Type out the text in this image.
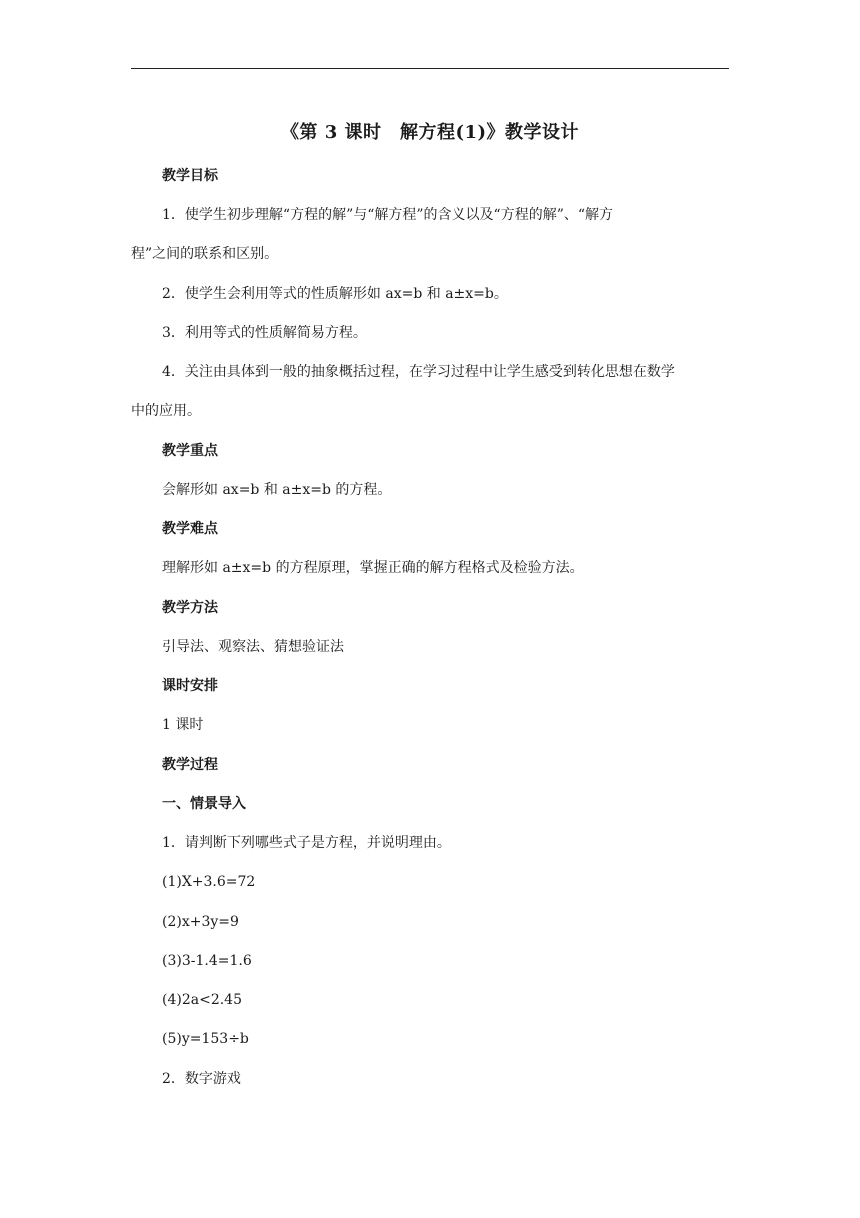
《第 3 课时　解方程(1)》教学设计
教学目标
1．使学生初步理解“方程的解”与“解方程”的含义以及“方程的解”、“解方
程”之间的联系和区别。
2．使学生会利用等式的性质解形如 ax=b 和 a±x=b。
3．利用等式的性质解简易方程。
4．关注由具体到一般的抽象概括过程，在学习过程中让学生感受到转化思想在数学
中的应用。
教学重点
会解形如 ax=b 和 a±x=b 的方程。
教学难点
理解形如 a±x=b 的方程原理，掌握正确的解方程格式及检验方法。
教学方法
引导法、观察法、猜想验证法
课时安排
1 课时
教学过程
一、情景导入
1．请判断下列哪些式子是方程，并说明理由。
(1)X+3.6=72
(2)x+3y=9
(3)3-1.4=1.6
(4)2a<2.45
(5)y=153÷b
2．数字游戏
